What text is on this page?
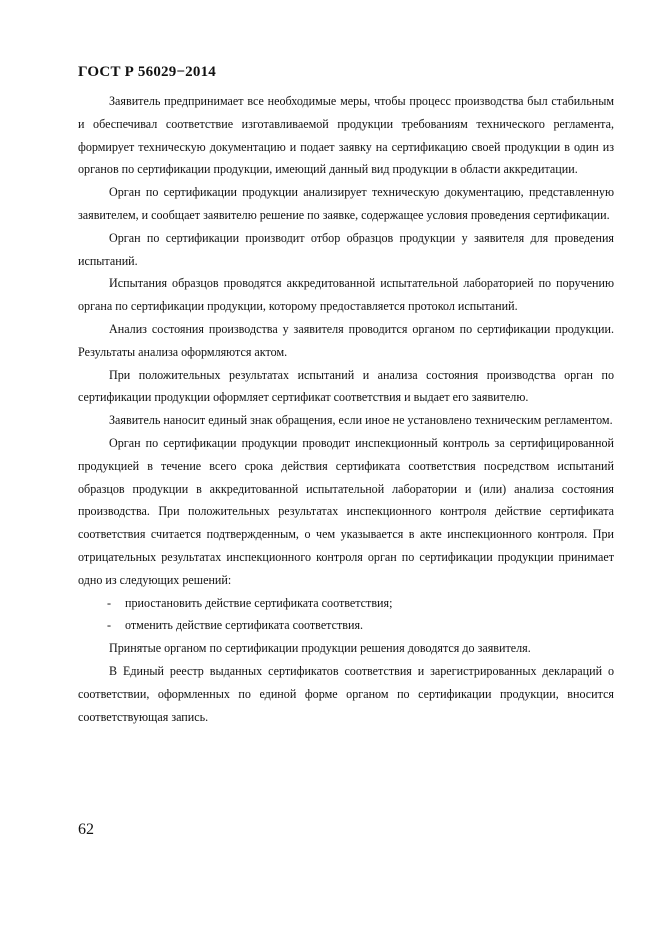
ГОСТ Р 56029−2014

Заявитель предпринимает все необходимые меры, чтобы процесс производства был стабильным и обеспечивал соответствие изготавливаемой продукции требованиям технического регламента, формирует техническую документацию и подает заявку на сертификацию своей продукции в один из органов по сертификации продукции, имеющий данный вид продукции в области аккредитации.

Орган по сертификации продукции анализирует техническую документацию, представленную заявителем, и сообщает заявителю решение по заявке, содержащее условия проведения сертификации.

Орган по сертификации производит отбор образцов продукции у заявителя для проведения испытаний.

Испытания образцов проводятся аккредитованной испытательной лабораторией по поручению органа по сертификации продукции, которому предоставляется протокол испытаний.

Анализ состояния производства у заявителя проводится органом по сертификации продукции. Результаты анализа оформляются актом.

При положительных результатах испытаний и анализа состояния производства орган по сертификации продукции оформляет сертификат соответствия и выдает его заявителю.

Заявитель наносит единый знак обращения, если иное не установлено техническим регламентом.

Орган по сертификации продукции проводит инспекционный контроль за сертифицированной продукцией в течение всего срока действия сертификата соответствия посредством испытаний образцов продукции в аккредитованной испытательной лаборатории и (или) анализа состояния производства. При положительных результатах инспекционного контроля действие сертификата соответствия считается подтвержденным, о чем указывается в акте инспекционного контроля. При отрицательных результатах инспекционного контроля орган по сертификации продукции принимает одно из следующих решений:

- приостановить действие сертификата соответствия;
- отменить действие сертификата соответствия.

Принятые органом по сертификации продукции решения доводятся до заявителя.

В Единый реестр выданных сертификатов соответствия и зарегистрированных деклараций о соответствии, оформленных по единой форме органом по сертификации продукции, вносится соответствующая запись.

62
